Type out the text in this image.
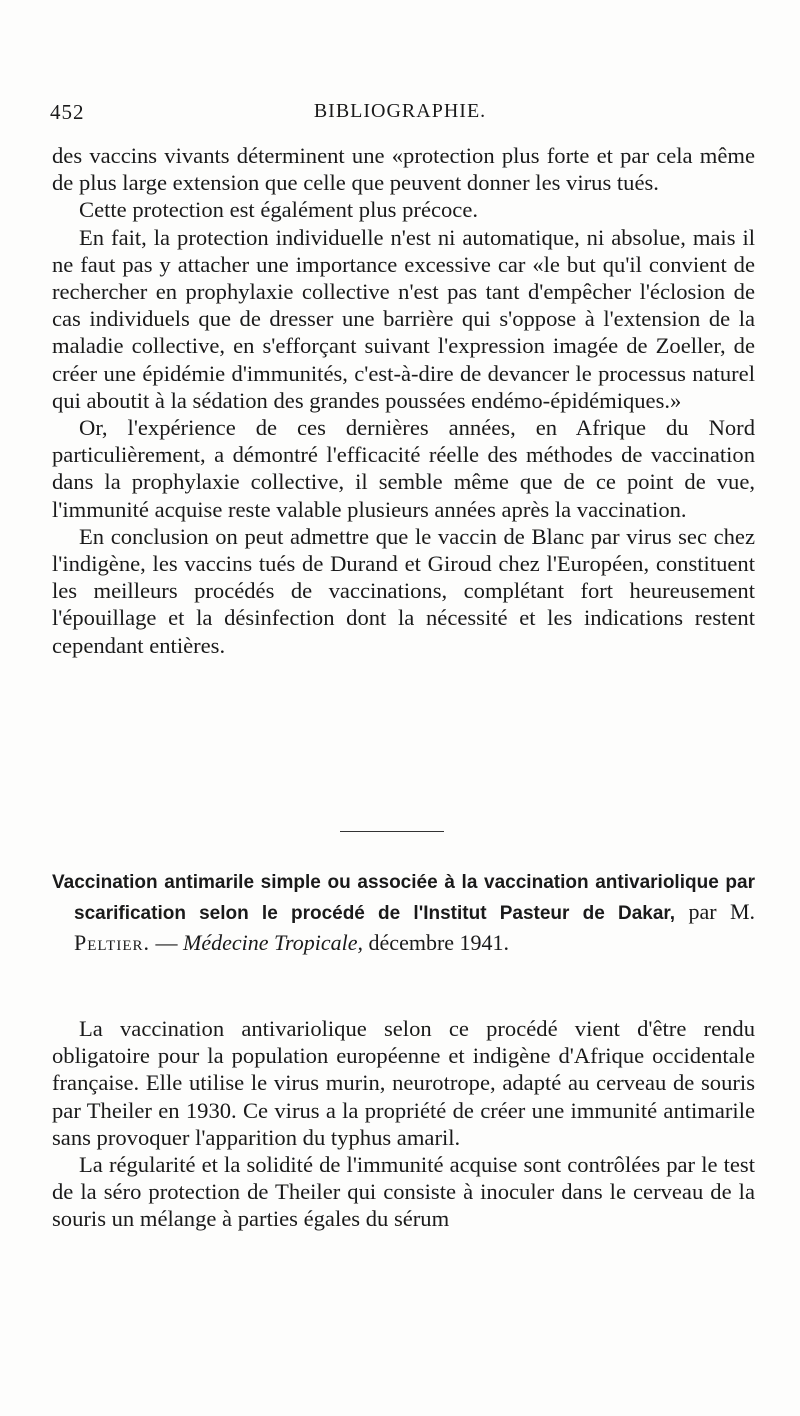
452	BIBLIOGRAPHIE.

des vaccins vivants déterminent une «protection plus forte et par cela même de plus large extension que celle que peuvent donner les virus tués.

Cette protection est égalément plus précoce.

En fait, la protection individuelle n'est ni automatique, ni absolue, mais il ne faut pas y attacher une importance excessive car «le but qu'il convient de rechercher en prophylaxie collective n'est pas tant d'empêcher l'éclosion de cas individuels que de dresser une barrière qui s'oppose à l'extension de la maladie collective, en s'efforçant suivant l'expression imagée de Zoeller, de créer une épidémie d'immunités, c'est-à-dire de devancer le processus naturel qui aboutit à la sédation des grandes poussées endémo-épidémiques.»

Or, l'expérience de ces dernières années, en Afrique du Nord particulièrement, a démontré l'efficacité réelle des méthodes de vaccination dans la prophylaxie collective, il semble même que de ce point de vue, l'immunité acquise reste valable plusieurs années après la vaccination.

En conclusion on peut admettre que le vaccin de Blanc par virus sec chez l'indigène, les vaccins tués de Durand et Giroud chez l'Européen, constituent les meilleurs procédés de vaccinations, complétant fort heureusement l'épouillage et la désinfection dont la nécessité et les indications restent cependant entières.

Vaccination antimarile simple ou associée à la vaccination antivariolique par scarification selon le procédé de l'Institut Pasteur de Dakar, par M. Peltier. — Médecine Tropicale, décembre 1941.

La vaccination antivariolique selon ce procédé vient d'être rendu obligatoire pour la population européenne et indigène d'Afrique occidentale française. Elle utilise le virus murin, neurotrope, adapté au cerveau de souris par Theiler en 1930. Ce virus a la propriété de créer une immunité antimarile sans provoquer l'apparition du typhus amaril.

La régularité et la solidité de l'immunité acquise sont contrôlées par le test de la séro protection de Theiler qui consiste à inoculer dans le cerveau de la souris un mélange à parties égales du sérum
